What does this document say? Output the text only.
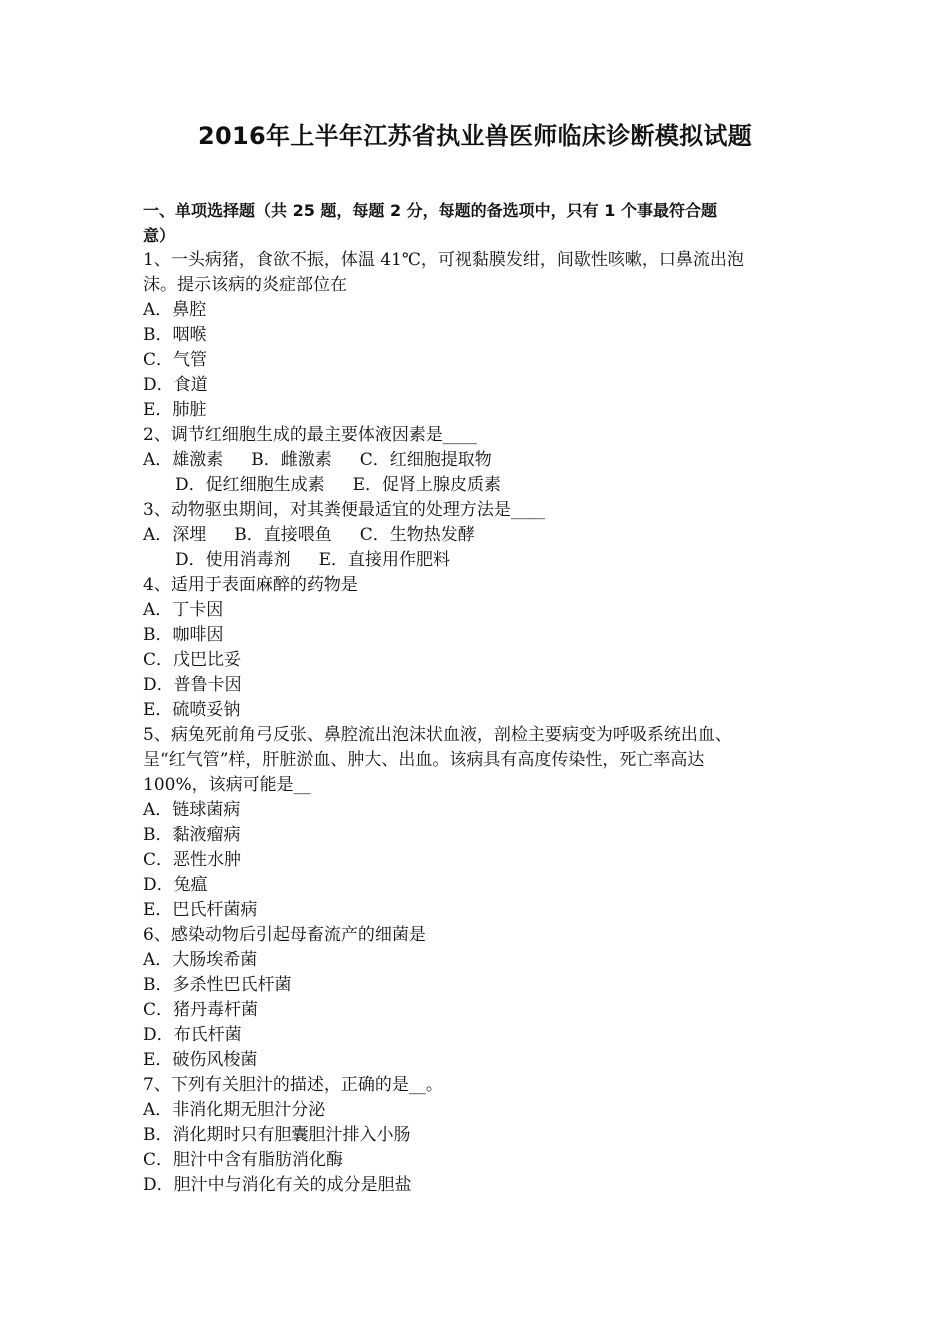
2016年上半年江苏省执业兽医师临床诊断模拟试题
一、单项选择题（共 25 题，每题 2 分，每题的备选项中，只有 1 个事最符合题
意）
1、一头病猪，食欲不振，体温 41℃，可视黏膜发绀，间歇性咳嗽，口鼻流出泡
沫。提示该病的炎症部位在
A．鼻腔
B．咽喉
C．气管
D．食道
E．肺脏
2、调节红细胞生成的最主要体液因素是____
A．雄激素 B．雌激素 C．红细胞提取物
D．促红细胞生成素 E．促肾上腺皮质素
3、动物驱虫期间，对其粪便最适宜的处理方法是____
A．深埋 B．直接喂鱼 C．生物热发酵
D．使用消毒剂 E．直接用作肥料
4、适用于表面麻醉的药物是
A．丁卡因
B．咖啡因
C．戊巴比妥
D．普鲁卡因
E．硫喷妥钠
5、病兔死前角弓反张、鼻腔流出泡沫状血液，剖检主要病变为呼吸系统出血、
呈“红气管”样，肝脏淤血、肿大、出血。该病具有高度传染性，死亡率高达
100%，该病可能是__
A．链球菌病
B．黏液瘤病
C．恶性水肿
D．兔瘟
E．巴氏杆菌病
6、感染动物后引起母畜流产的细菌是
A．大肠埃希菌
B．多杀性巴氏杆菌
C．猪丹毒杆菌
D．布氏杆菌
E．破伤风梭菌
7、下列有关胆汁的描述，正确的是__。
A．非消化期无胆汁分泌
B．消化期时只有胆囊胆汁排入小肠
C．胆汁中含有脂肪消化酶
D．胆汁中与消化有关的成分是胆盐
